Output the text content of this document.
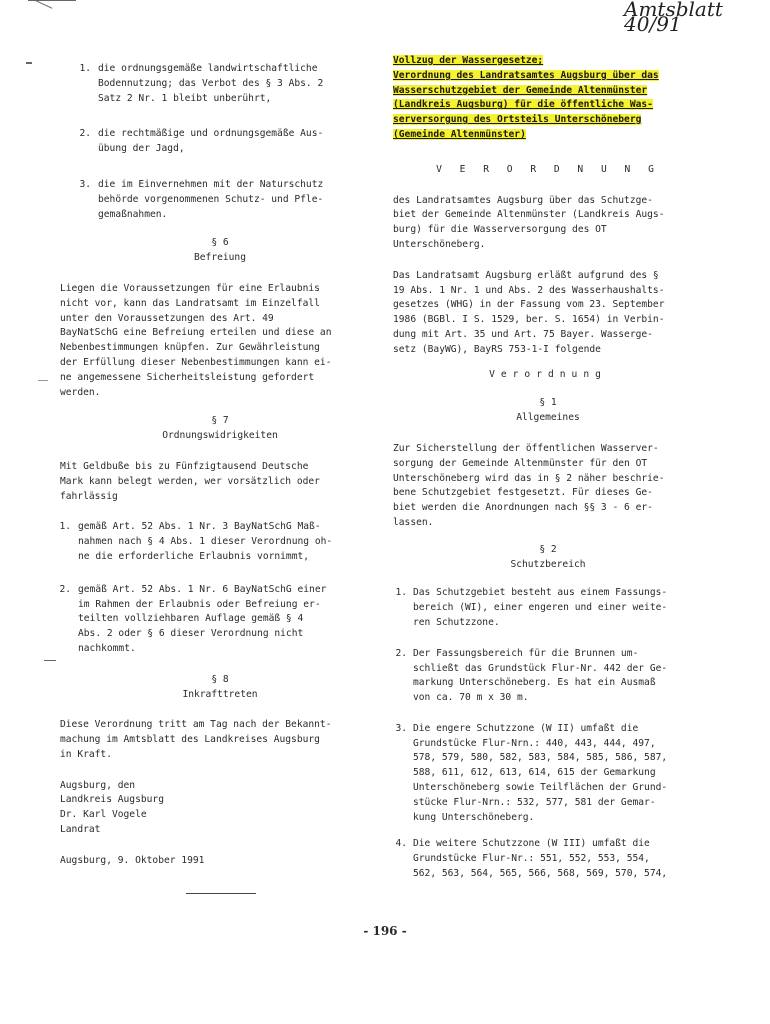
Amtsblatt 40/91
1. die ordnungsgemäße landwirtschaftliche
Bodennutzung; das Verbot des § 3 Abs. 2
Satz 2 Nr. 1 bleibt unberührt,

2. die rechtmäßige und ordnungsgemäße Aus-
übung der Jagd,

3. die im Einvernehmen mit der Naturschutz
behörde vorgenommenen Schutz- und Pfle-
gemaßnahmen.

§ 6

Befreiung

Liegen die Voraussetzungen für eine Erlaubnis
nicht vor, kann das Landratsamt im Einzelfall
unter den Voraussetzungen des Art. 49
BayNatSchG eine Befreiung erteilen und diese an
Nebenbestimmungen knüpfen. Zur Gewährleistung
der Erfüllung dieser Nebenbestimmungen kann ei-
ne angemessene Sicherheitsleistung gefordert
werden.

§ 7

Ordnungswidrigkeiten

Mit Geldbuße bis zu Fünfzigtausend Deutsche
Mark kann belegt werden, wer vorsätzlich oder
fahrlässig

1. gemäß Art. 52 Abs. 1 Nr. 3 BayNatSchG Maß-
nahmen nach § 4 Abs. 1 dieser Verordnung oh-
ne die erforderliche Erlaubnis vornimmt,

2. gemäß Art. 52 Abs. 1 Nr. 6 BayNatSchG einer
im Rahmen der Erlaubnis oder Befreiung er-
teilten vollziehbaren Auflage gemäß § 4
Abs. 2 oder § 6 dieser Verordnung nicht
nachkommt.

§ 8

Inkrafttreten

Diese Verordnung tritt am Tag nach der Bekannt-
machung im Amtsblatt des Landkreises Augsburg
in Kraft.

Augsburg, den
Landkreis Augsburg
Dr. Karl Vogele
Landrat

Augsburg, 9. Oktober 1991

Vollzug der Wassergesetze;
Verordnung des Landratsamtes Augsburg über das
Wasserschutzgebiet der Gemeinde Altenmünster
(Landkreis Augsburg) für die öffentliche Was-
serversorgung des Ortsteils Unterschöneberg
(Gemeinde Altenmünster)

V E R O R D N U N G

des Landratsamtes Augsburg über das Schutzge-
biet der Gemeinde Altenmünster (Landkreis Augs-
burg) für die Wasserversorgung des OT
Unterschöneberg.

Das Landratsamt Augsburg erläßt aufgrund des §
19 Abs. 1 Nr. 1 und Abs. 2 des Wasserhaushalts-
gesetzes (WHG) in der Fassung vom 23. September
1986 (BGBl. I S. 1529, ber. S. 1654) in Verbin-
dung mit Art. 35 und Art. 75 Bayer. Wasserge-
setz (BayWG), BayRS 753-1-I folgende

Verordnung

§ 1

Allgemeines

Zur Sicherstellung der öffentlichen Wasserver-
sorgung der Gemeinde Altenmünster für den OT
Unterschöneberg wird das in § 2 näher beschrie-
bene Schutzgebiet festgesetzt. Für dieses Ge-
biet werden die Anordnungen nach §§ 3 - 6 er-
lassen.

§ 2

Schutzbereich

1. Das Schutzgebiet besteht aus einem Fassungs-
bereich (WI), einer engeren und einer weite-
ren Schutzzone.

2. Der Fassungsbereich für die Brunnen um-
schließt das Grundstück Flur-Nr. 442 der Ge-
markung Unterschöneberg. Es hat ein Ausmaß
von ca. 70 m x 30 m.

3. Die engere Schutzzone (W II) umfaßt die
Grundstücke Flur-Nrn.: 440, 443, 444, 497,
578, 579, 580, 582, 583, 584, 585, 586, 587,
588, 611, 612, 613, 614, 615 der Gemarkung
Unterschöneberg sowie Teilflächen der Grund-
stücke Flur-Nrn.: 532, 577, 581 der Gemar-
kung Unterschöneberg.

4. Die weitere Schutzzone (W III) umfaßt die
Grundstücke Flur-Nr.: 551, 552, 553, 554,
562, 563, 564, 565, 566, 568, 569, 570, 574,

- 196 -
